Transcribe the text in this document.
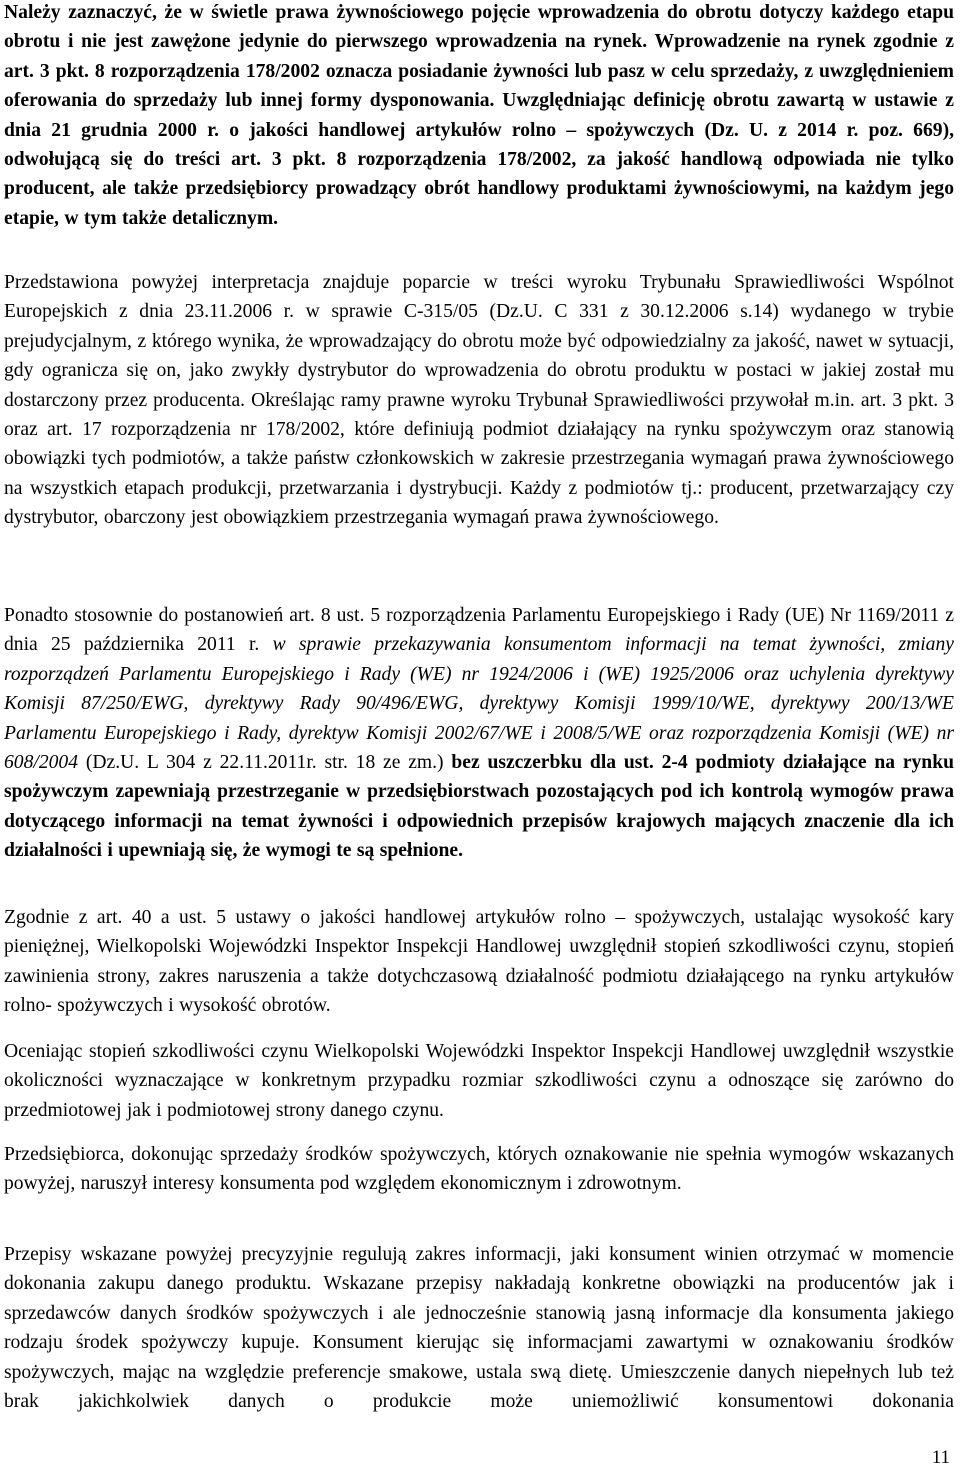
Należy zaznaczyć, że w świetle prawa żywnościowego pojęcie wprowadzenia do obrotu dotyczy każdego etapu obrotu i nie jest zawężone jedynie do pierwszego wprowadzenia na rynek. Wprowadzenie na rynek zgodnie z art. 3 pkt. 8 rozporządzenia 178/2002 oznacza posiadanie żywności lub pasz w celu sprzedaży, z uwzględnieniem oferowania do sprzedaży lub innej formy dysponowania. Uwzględniając definicję obrotu zawartą w ustawie z dnia 21 grudnia 2000 r. o jakości handlowej artykułów rolno – spożywczych (Dz. U. z 2014 r. poz. 669), odwołującą się do treści art. 3 pkt. 8 rozporządzenia 178/2002, za jakość handlową odpowiada nie tylko producent, ale także przedsiębiorcy prowadzący obrót handlowy produktami żywnościowymi, na każdym jego etapie, w tym także detalicznym.

Przedstawiona powyżej interpretacja znajduje poparcie w treści wyroku Trybunału Sprawiedliwości Wspólnot Europejskich z dnia 23.11.2006 r. w sprawie C-315/05 (Dz.U. C 331 z 30.12.2006 s.14) wydanego w trybie prejudycjalnym, z którego wynika, że wprowadzający do obrotu może być odpowiedzialny za jakość, nawet w sytuacji, gdy ogranicza się on, jako zwykły dystrybutor do wprowadzenia do obrotu produktu w postaci w jakiej został mu dostarczony przez producenta. Określając ramy prawne wyroku Trybunał Sprawiedliwości przywołał m.in. art. 3 pkt. 3 oraz art. 17 rozporządzenia nr 178/2002, które definiują podmiot działający na rynku spożywczym oraz stanowią obowiązki tych podmiotów, a także państw członkowskich w zakresie przestrzegania wymagań prawa żywnościowego na wszystkich etapach produkcji, przetwarzania i dystrybucji. Każdy z podmiotów tj.: producent, przetwarzający czy dystrybutor, obarczony jest obowiązkiem przestrzegania wymagań prawa żywnościowego.

Ponadto stosownie do postanowień art. 8 ust. 5 rozporządzenia Parlamentu Europejskiego i Rady (UE) Nr 1169/2011 z dnia 25 października 2011 r. w sprawie przekazywania konsumentom informacji na temat żywności, zmiany rozporządzeń Parlamentu Europejskiego i Rady (WE) nr 1924/2006 i (WE) 1925/2006 oraz uchylenia dyrektywy Komisji 87/250/EWG, dyrektywy Rady 90/496/EWG, dyrektywy Komisji 1999/10/WE, dyrektywy 200/13/WE Parlamentu Europejskiego i Rady, dyrektyw Komisji 2002/67/WE i 2008/5/WE oraz rozporządzenia Komisji (WE) nr 608/2004 (Dz.U. L 304 z 22.11.2011r. str. 18 ze zm.) bez uszczerbku dla ust. 2-4 podmioty działające na rynku spożywczym zapewniają przestrzeganie w przedsiębiorstwach pozostających pod ich kontrolą wymogów prawa dotyczącego informacji na temat żywności i odpowiednich przepisów krajowych mających znaczenie dla ich działalności i upewniają się, że wymogi te są spełnione.

Zgodnie z art. 40 a ust. 5 ustawy o jakości handlowej artykułów rolno – spożywczych, ustalając wysokość kary pieniężnej, Wielkopolski Wojewódzki Inspektor Inspekcji Handlowej uwzględnił stopień szkodliwości czynu, stopień zawinienia strony, zakres naruszenia a także dotychczasową działalność podmiotu działającego na rynku artykułów rolno- spożywczych i wysokość obrotów.

Oceniając stopień szkodliwości czynu Wielkopolski Wojewódzki Inspektor Inspekcji Handlowej uwzględnił wszystkie okoliczności wyznaczające w konkretnym przypadku rozmiar szkodliwości czynu a odnoszące się zarówno do przedmiotowej jak i podmiotowej strony danego czynu.

Przedsiębiorca, dokonując sprzedaży środków spożywczych, których oznakowanie nie spełnia wymogów wskazanych powyżej, naruszył interesy konsumenta pod względem ekonomicznym i zdrowotnym.

Przepisy wskazane powyżej precyzyjnie regulują zakres informacji, jaki konsument winien otrzymać w momencie dokonania zakupu danego produktu. Wskazane przepisy nakładają konkretne obowiązki na producentów jak i sprzedawców danych środków spożywczych i ale jednocześnie stanowią jasną informacje dla konsumenta jakiego rodzaju środek spożywczy kupuje. Konsument kierując się informacjami zawartymi w oznakowaniu środków spożywczych, mając na względzie preferencje smakowe, ustala swą dietę. Umieszczenie danych niepełnych lub też brak jakichkolwiek danych o produkcie może uniemożliwić konsumentowi dokonania

11
